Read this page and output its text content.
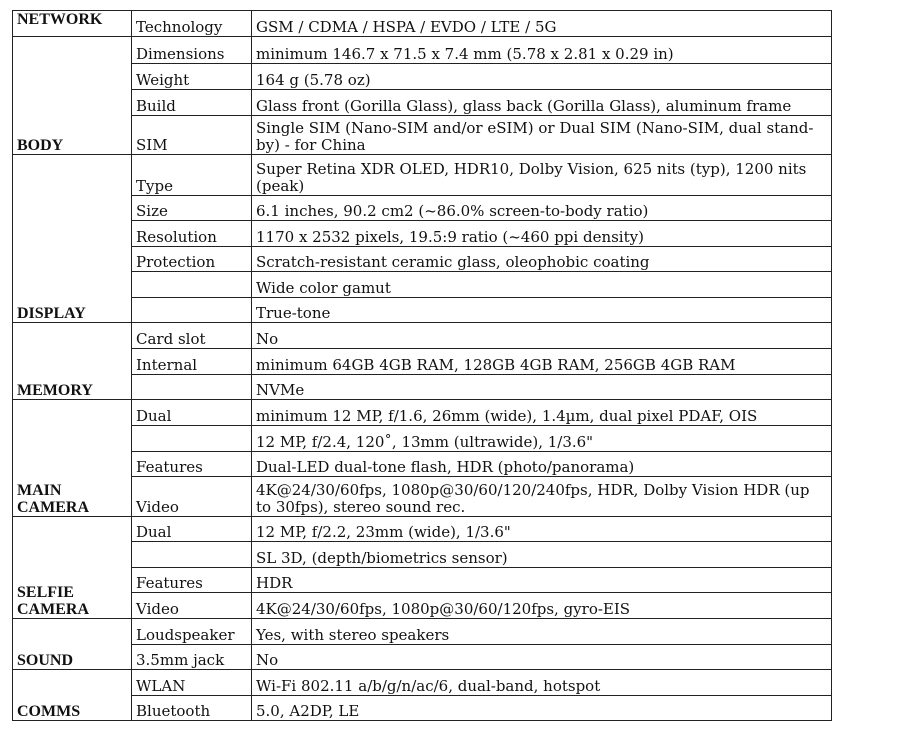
NETWORK	Technology	GSM / CDMA / HSPA / EVDO / LTE / 5G
BODY	Dimensions	minimum 146.7 x 71.5 x 7.4 mm (5.78 x 2.81 x 0.29 in)
	Weight	164 g (5.78 oz)
	Build	Glass front (Gorilla Glass), glass back (Gorilla Glass), aluminum frame
	SIM	Single SIM (Nano-SIM and/or eSIM) or Dual SIM (Nano-SIM, dual stand-by) - for China
DISPLAY	Type	Super Retina XDR OLED, HDR10, Dolby Vision, 625 nits (typ), 1200 nits (peak)
	Size	6.1 inches, 90.2 cm2 (~86.0% screen-to-body ratio)
	Resolution	1170 x 2532 pixels, 19.5:9 ratio (~460 ppi density)
	Protection	Scratch-resistant ceramic glass, oleophobic coating
		Wide color gamut
		True-tone
MEMORY	Card slot	No
	Internal	minimum 64GB 4GB RAM, 128GB 4GB RAM, 256GB 4GB RAM
		NVMe
MAIN CAMERA	Dual	minimum 12 MP, f/1.6, 26mm (wide), 1.4µm, dual pixel PDAF, OIS
		12 MP, f/2.4, 120˚, 13mm (ultrawide), 1/3.6"
	Features	Dual-LED dual-tone flash, HDR (photo/panorama)
	Video	4K@24/30/60fps, 1080p@30/60/120/240fps, HDR, Dolby Vision HDR (up to 30fps), stereo sound rec.
SELFIE CAMERA	Dual	12 MP, f/2.2, 23mm (wide), 1/3.6"
		SL 3D, (depth/biometrics sensor)
	Features	HDR
	Video	4K@24/30/60fps, 1080p@30/60/120fps, gyro-EIS
SOUND	Loudspeaker	Yes, with stereo speakers
	3.5mm jack	No
COMMS	WLAN	Wi-Fi 802.11 a/b/g/n/ac/6, dual-band, hotspot
	Bluetooth	5.0, A2DP, LE
